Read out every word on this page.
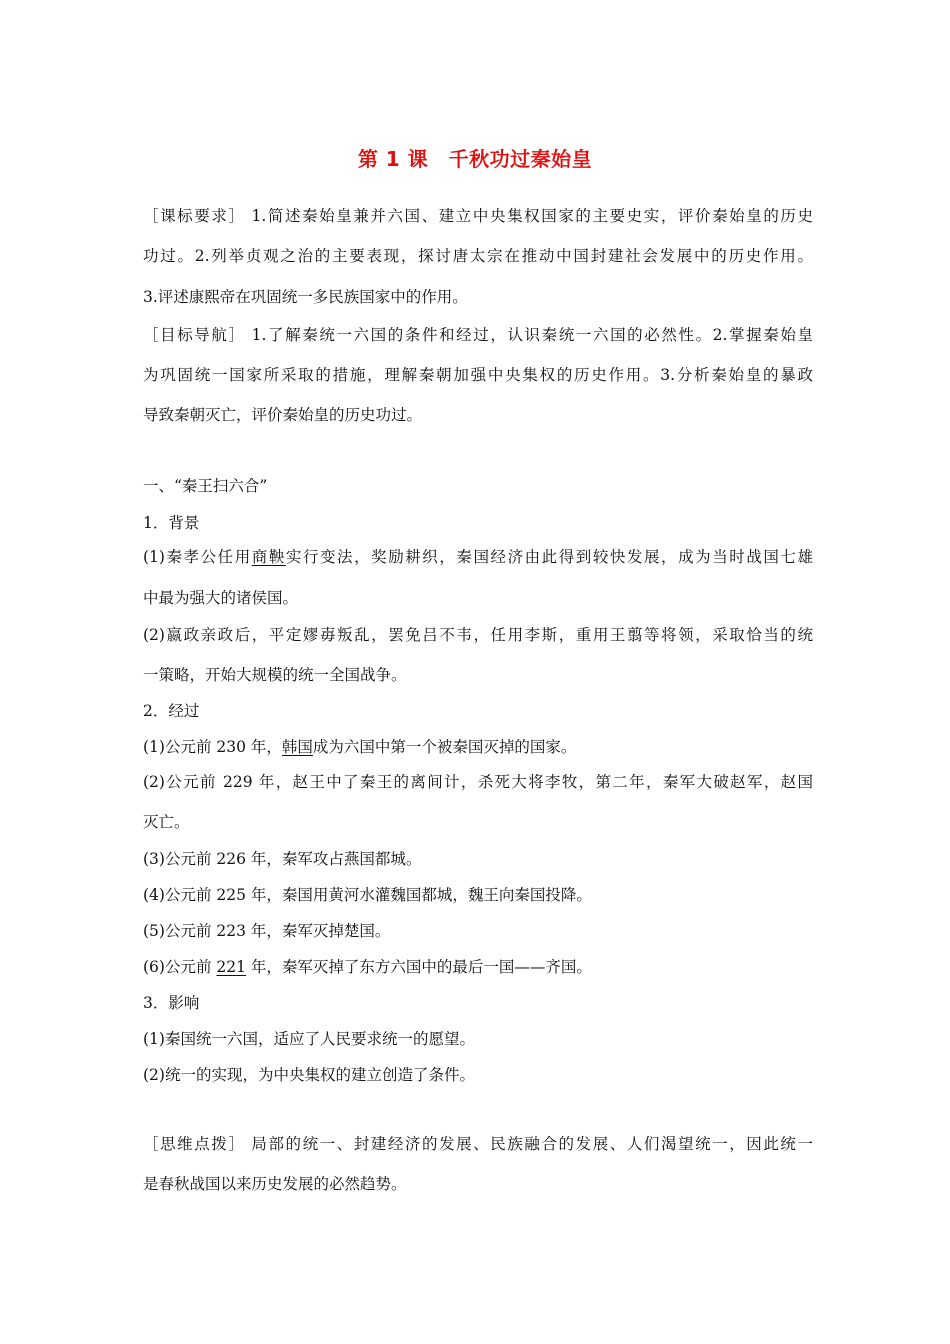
第 1 课　千秋功过秦始皇
［课标要求］ 1.简述秦始皇兼并六国、建立中央集权国家的主要史实，评价秦始皇的历史
功过。2.列举贞观之治的主要表现，探讨唐太宗在推动中国封建社会发展中的历史作用。
3.评述康熙帝在巩固统一多民族国家中的作用。
［目标导航］ 1.了解秦统一六国的条件和经过，认识秦统一六国的必然性。2.掌握秦始皇
为巩固统一国家所采取的措施，理解秦朝加强中央集权的历史作用。3.分析秦始皇的暴政
导致秦朝灭亡，评价秦始皇的历史功过。
一、“秦王扫六合”
1．背景
(1)秦孝公任用商鞅实行变法，奖励耕织，秦国经济由此得到较快发展，成为当时战国七雄
中最为强大的诸侯国。
(2)嬴政亲政后，平定嫪毐叛乱，罢免吕不韦，任用李斯，重用王翦等将领，采取恰当的统
一策略，开始大规模的统一全国战争。
2．经过
(1)公元前 230 年，韩国成为六国中第一个被秦国灭掉的国家。
(2)公元前 229 年，赵王中了秦王的离间计，杀死大将李牧，第二年，秦军大破赵军，赵国
灭亡。
(3)公元前 226 年，秦军攻占燕国都城。
(4)公元前 225 年，秦国用黄河水灌魏国都城，魏王向秦国投降。
(5)公元前 223 年，秦军灭掉楚国。
(6)公元前 221 年，秦军灭掉了东方六国中的最后一国——齐国。
3．影响
(1)秦国统一六国，适应了人民要求统一的愿望。
(2)统一的实现，为中央集权的建立创造了条件。
［思维点拨］ 局部的统一、封建经济的发展、民族融合的发展、人们渴望统一，因此统一
是春秋战国以来历史发展的必然趋势。
